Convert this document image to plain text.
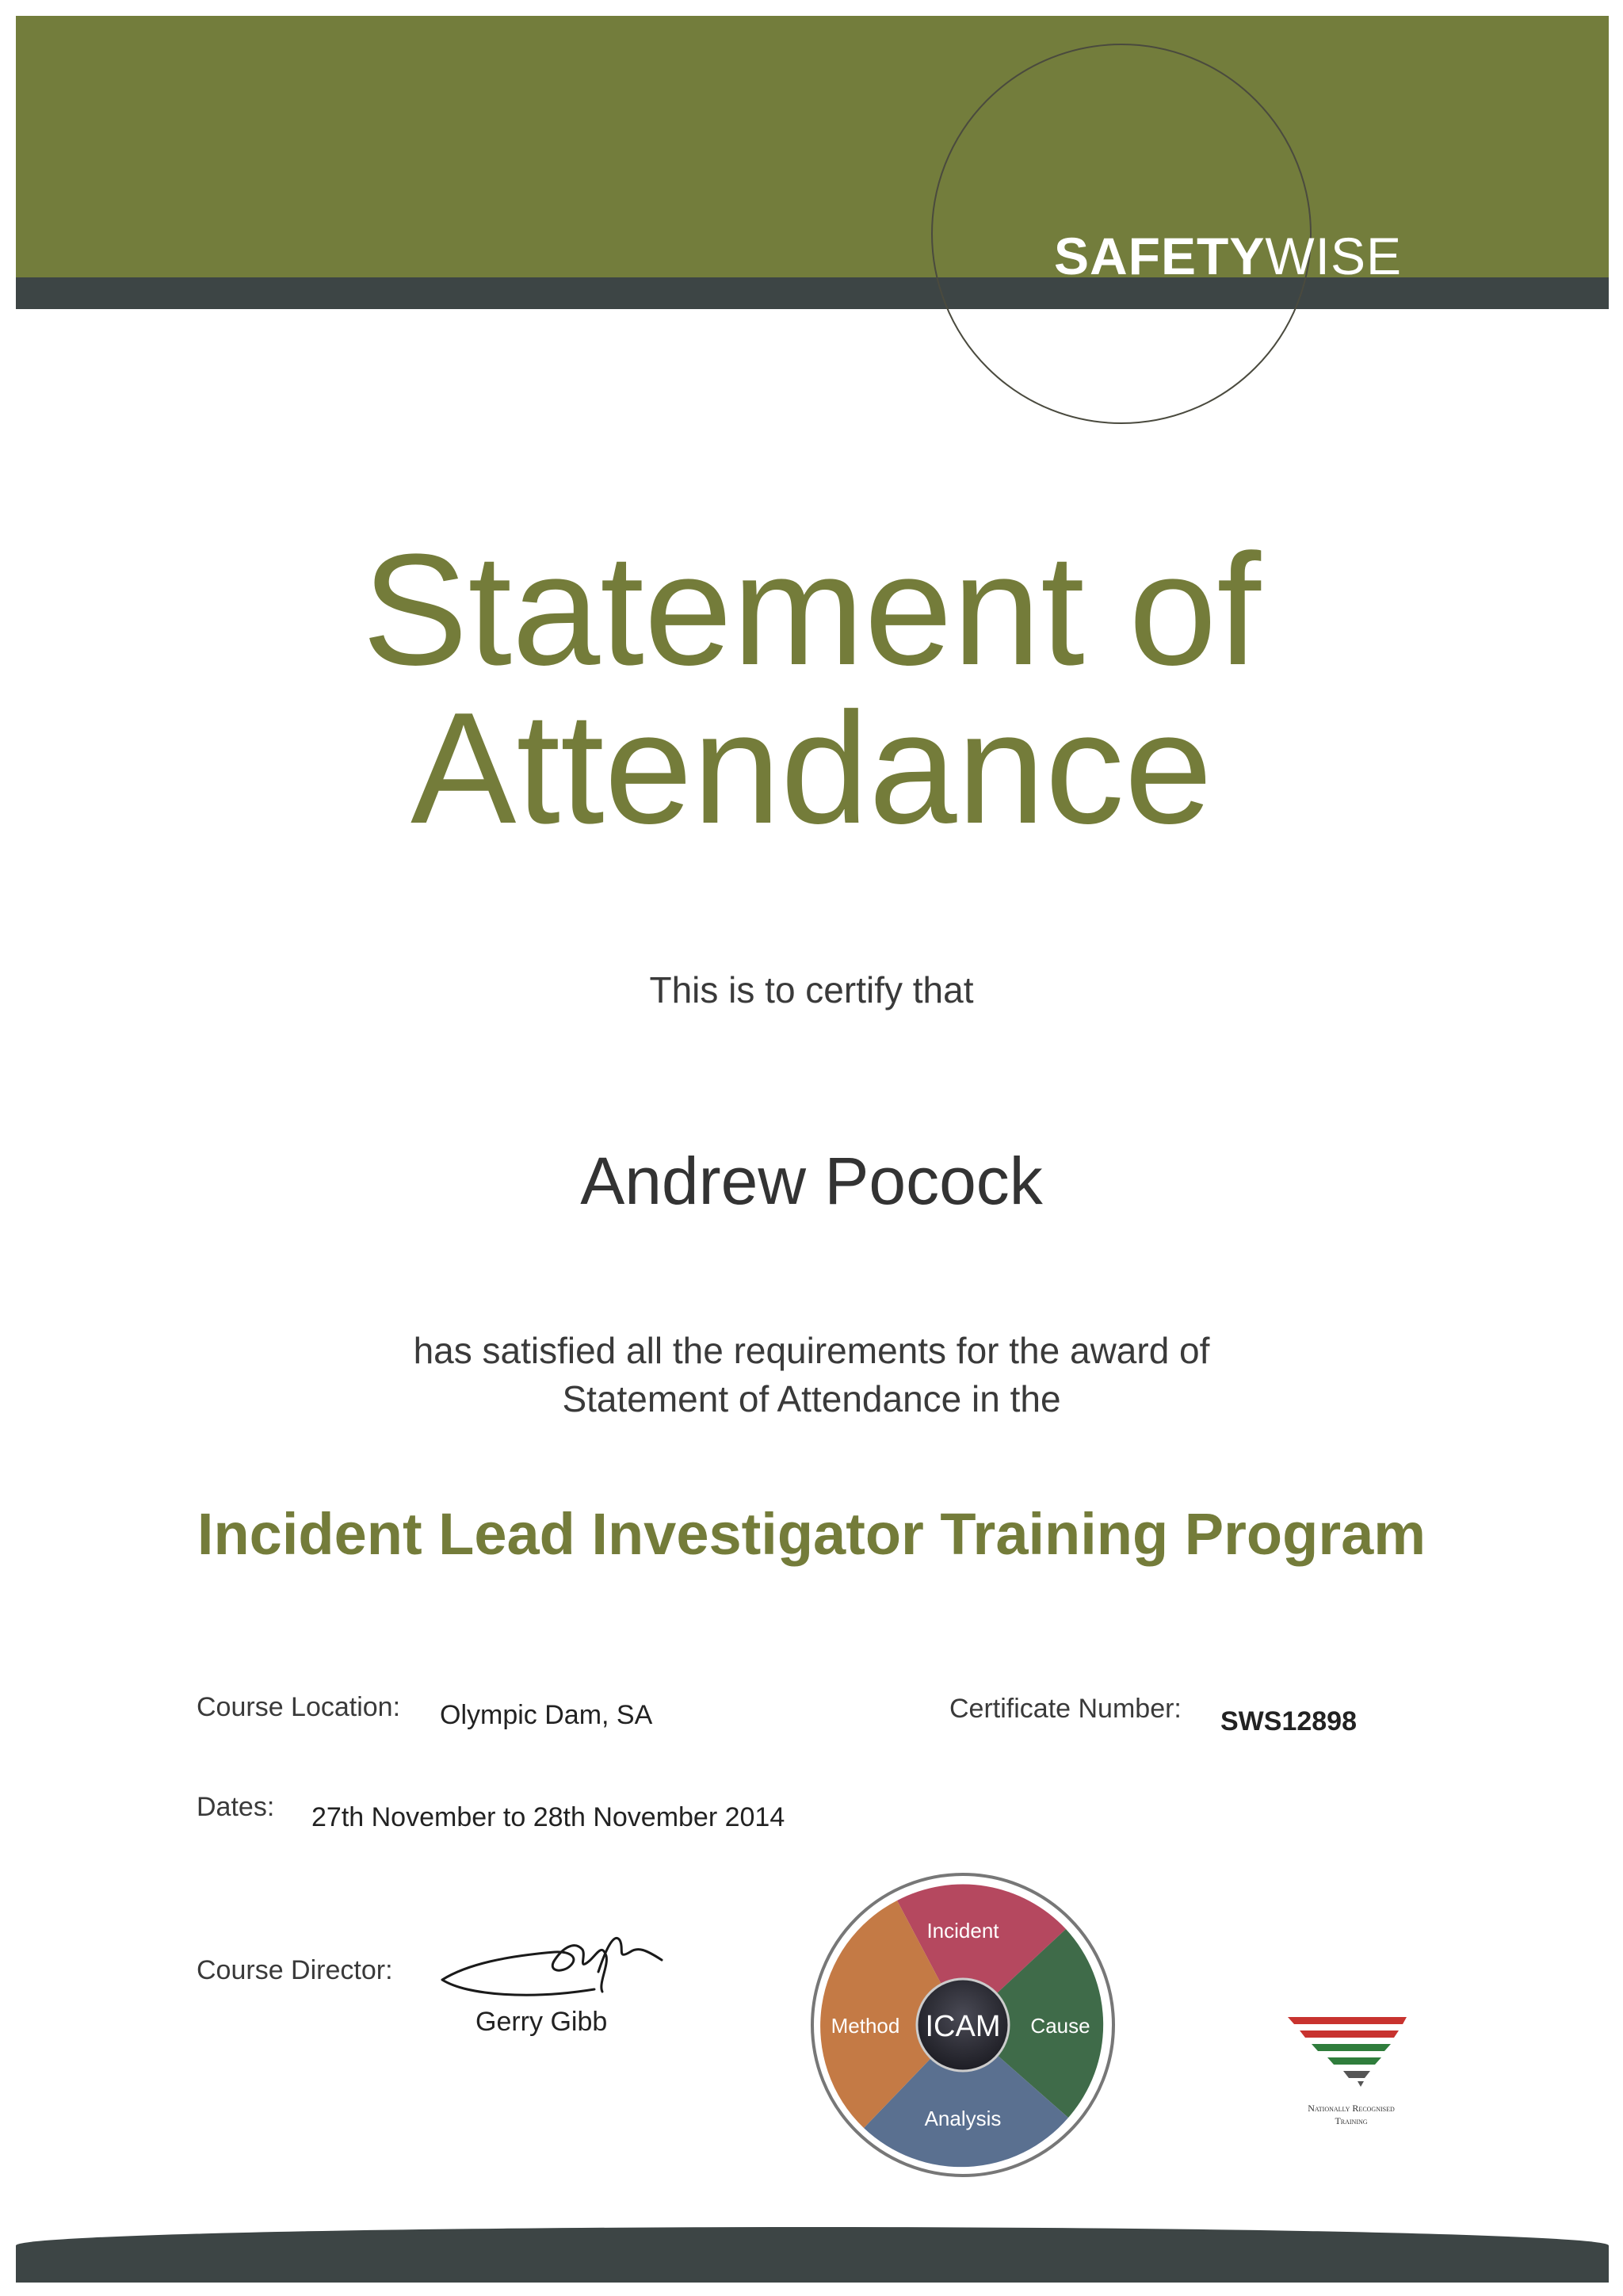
SAFETYWISE
Statement of
Attendance
This is to certify that
Andrew Pocock
has satisfied all the requirements for the award of
Statement of Attendance in the
Incident Lead Investigator Training Program
Course Location: Olympic Dam, SA	Certificate Number: SWS12898
Dates: 27th November to 28th November 2014
Course Director:
Gerry Gibb	ICAM
Incident
Cause
Analysis
Method
Nationally Recognised
Training
